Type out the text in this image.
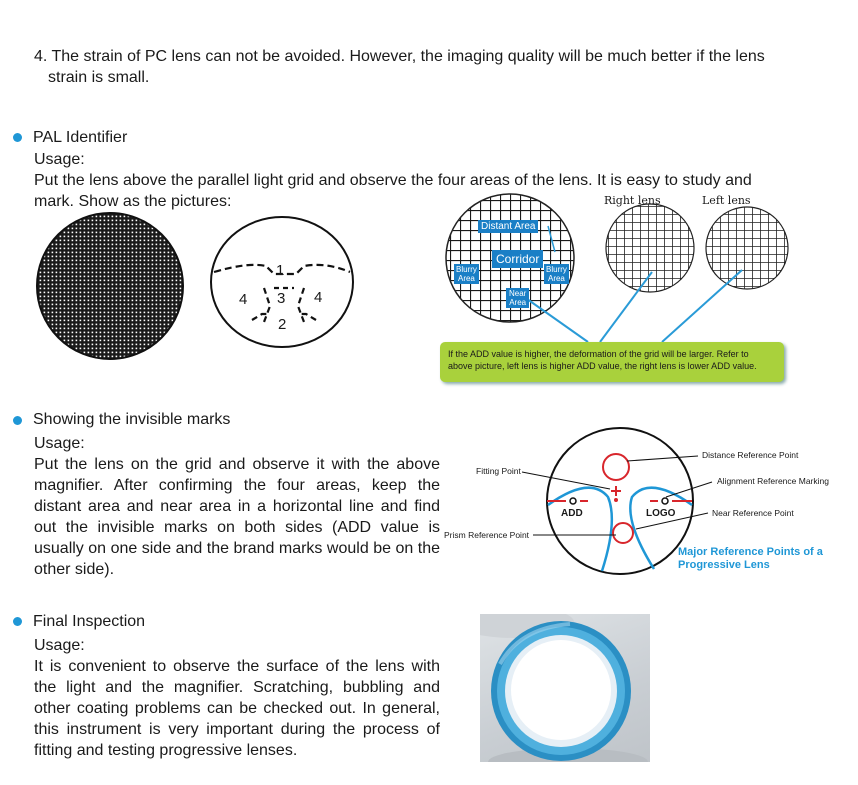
4. The strain of PC lens can not be avoided. However, the imaging quality will be much better if the lens
strain is small.
PAL Identifier
Usage:
Put the lens above the parallel light grid and observe the four areas of the lens. It is easy to study and
mark. Show as the pictures:
1
3
4	4
2
Right lens	Left lens
Distant Area
Corridor
Blurry
Area
Blurry
Area
Near
Area
If the ADD value is higher, the deformation of the grid will be larger. Refer to
above picture, left lens is higher ADD value, the right lens is lower ADD value.
Showing the invisible marks
Usage:
Put the lens on the grid and observe it with the above magnifier. After confirming the four areas, keep the distant area and near area in a horizontal line and find out the invisible marks on both sides (ADD value is usually on one side and the brand marks would be on the other side).
Fitting Point
Prism Reference Point
Distance Reference Point
Alignment Reference Marking
Near Reference Point
ADD	LOGO
Major Reference Points of a
Progressive Lens
Final Inspection
Usage:
It is convenient to observe the surface of the lens with the light and the magnifier. Scratching, bubbling and other coating problems can be checked out. In general, this instrument is very important during the process of fitting and testing progressive lenses.
